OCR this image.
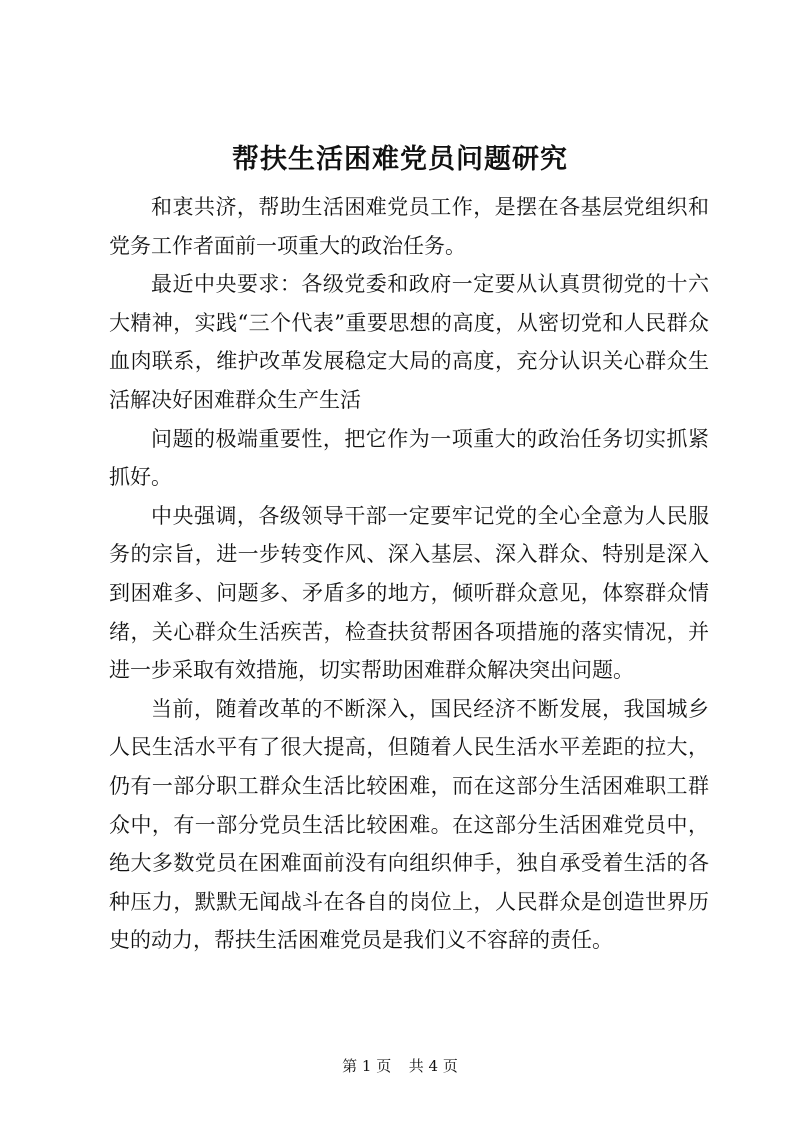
帮扶生活困难党员问题研究

和衷共济，帮助生活困难党员工作，是摆在各基层党组织和党务工作者面前一项重大的政治任务。

最近中央要求：各级党委和政府一定要从认真贯彻党的十六大精神，实践“三个代表”重要思想的高度，从密切党和人民群众血肉联系，维护改革发展稳定大局的高度，充分认识关心群众生活解决好困难群众生产生活

问题的极端重要性，把它作为一项重大的政治任务切实抓紧抓好。

中央强调，各级领导干部一定要牢记党的全心全意为人民服务的宗旨，进一步转变作风、深入基层、深入群众、特别是深入到困难多、问题多、矛盾多的地方，倾听群众意见，体察群众情绪，关心群众生活疾苦，检查扶贫帮困各项措施的落实情况，并进一步采取有效措施，切实帮助困难群众解决突出问题。

当前，随着改革的不断深入，国民经济不断发展，我国城乡人民生活水平有了很大提高，但随着人民生活水平差距的拉大，仍有一部分职工群众生活比较困难，而在这部分生活困难职工群众中，有一部分党员生活比较困难。在这部分生活困难党员中，绝大多数党员在困难面前没有向组织伸手，独自承受着生活的各种压力，默默无闻战斗在各自的岗位上，人民群众是创造世界历史的动力，帮扶生活困难党员是我们义不容辞的责任。

第 1 页 共 4 页
